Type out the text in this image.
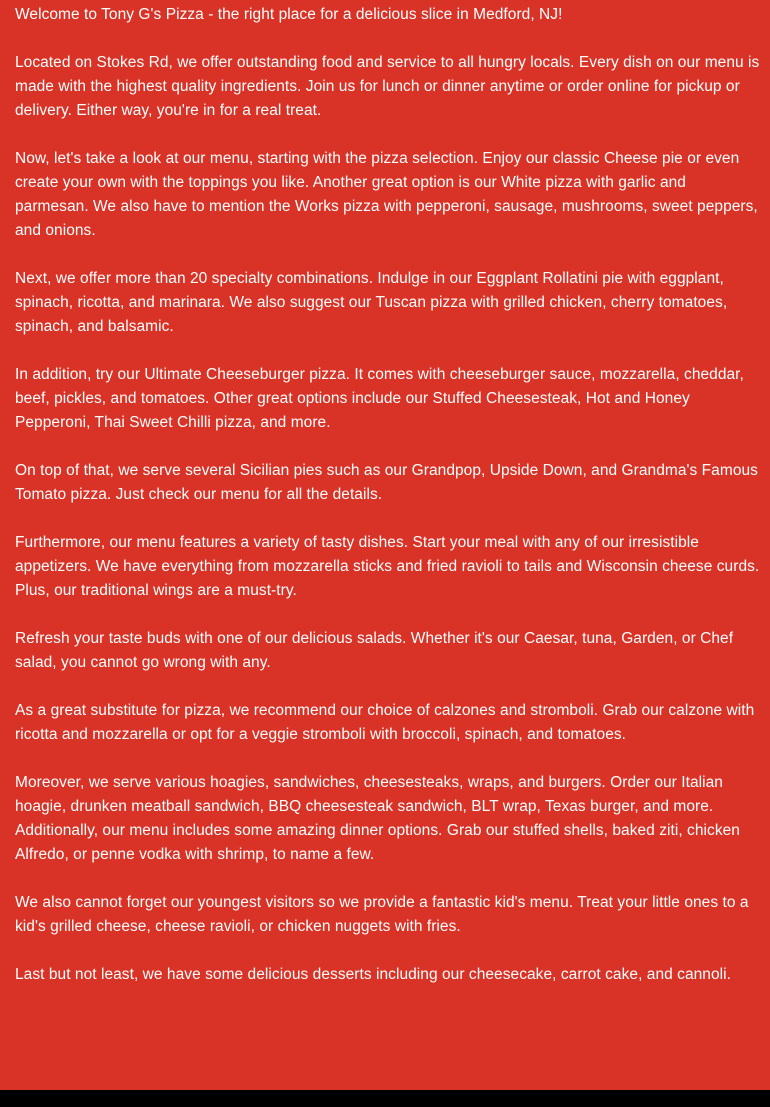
Welcome to Tony G's Pizza - the right place for a delicious slice in Medford, NJ!

Located on Stokes Rd, we offer outstanding food and service to all hungry locals. Every dish on our menu is made with the highest quality ingredients. Join us for lunch or dinner anytime or order online for pickup or delivery. Either way, you're in for a real treat.

Now, let's take a look at our menu, starting with the pizza selection. Enjoy our classic Cheese pie or even create your own with the toppings you like. Another great option is our White pizza with garlic and parmesan. We also have to mention the Works pizza with pepperoni, sausage, mushrooms, sweet peppers, and onions.

Next, we offer more than 20 specialty combinations. Indulge in our Eggplant Rollatini pie with eggplant, spinach, ricotta, and marinara. We also suggest our Tuscan pizza with grilled chicken, cherry tomatoes, spinach, and balsamic.

In addition, try our Ultimate Cheeseburger pizza. It comes with cheeseburger sauce, mozzarella, cheddar, beef, pickles, and tomatoes. Other great options include our Stuffed Cheesesteak, Hot and Honey Pepperoni, Thai Sweet Chilli pizza, and more.

On top of that, we serve several Sicilian pies such as our Grandpop, Upside Down, and Grandma's Famous Tomato pizza. Just check our menu for all the details.

Furthermore, our menu features a variety of tasty dishes. Start your meal with any of our irresistible appetizers. We have everything from mozzarella sticks and fried ravioli to tails and Wisconsin cheese curds. Plus, our traditional wings are a must-try.

Refresh your taste buds with one of our delicious salads. Whether it's our Caesar, tuna, Garden, or Chef salad, you cannot go wrong with any.

As a great substitute for pizza, we recommend our choice of calzones and stromboli. Grab our calzone with ricotta and mozzarella or opt for a veggie stromboli with broccoli, spinach, and tomatoes.

Moreover, we serve various hoagies, sandwiches, cheesesteaks, wraps, and burgers. Order our Italian hoagie, drunken meatball sandwich, BBQ cheesesteak sandwich, BLT wrap, Texas burger, and more.

Additionally, our menu includes some amazing dinner options. Grab our stuffed shells, baked ziti, chicken Alfredo, or penne vodka with shrimp, to name a few.

We also cannot forget our youngest visitors so we provide a fantastic kid's menu. Treat your little ones to a kid's grilled cheese, cheese ravioli, or chicken nuggets with fries.

Last but not least, we have some delicious desserts including our cheesecake, carrot cake, and cannoli.
